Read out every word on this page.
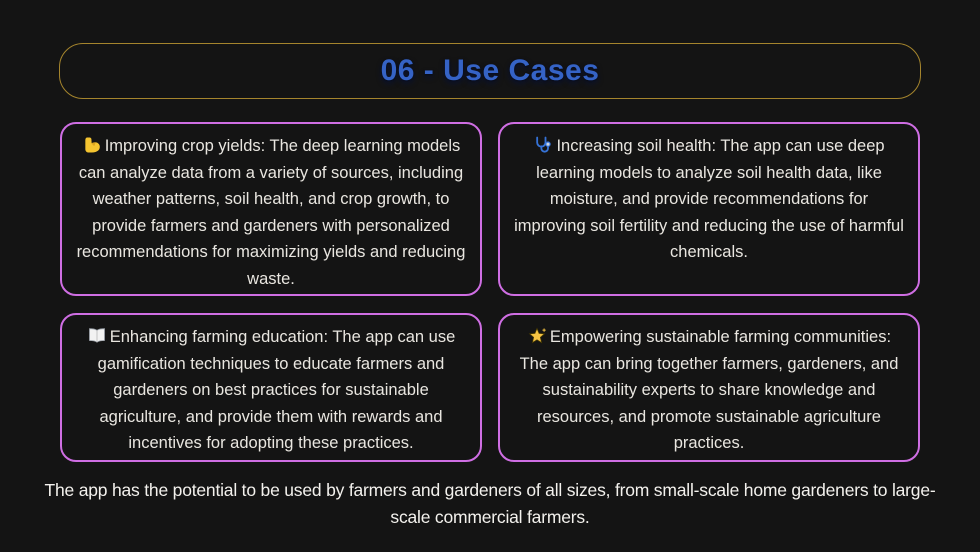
06 - Use Cases

Improving crop yields: The deep learning models can analyze data from a variety of sources, including weather patterns, soil health, and crop growth, to provide farmers and gardeners with personalized recommendations for maximizing yields and reducing waste.

Increasing soil health: The app can use deep learning models to analyze soil health data, like moisture, and provide recommendations for improving soil fertility and reducing the use of harmful chemicals.

Enhancing farming education: The app can use gamification techniques to educate farmers and gardeners on best practices for sustainable agriculture, and provide them with rewards and incentives for adopting these practices.

Empowering sustainable farming communities: The app can bring together farmers, gardeners, and sustainability experts to share knowledge and resources, and promote sustainable agriculture practices.

The app has the potential to be used by farmers and gardeners of all sizes, from small-scale home gardeners to large-scale commercial farmers.
